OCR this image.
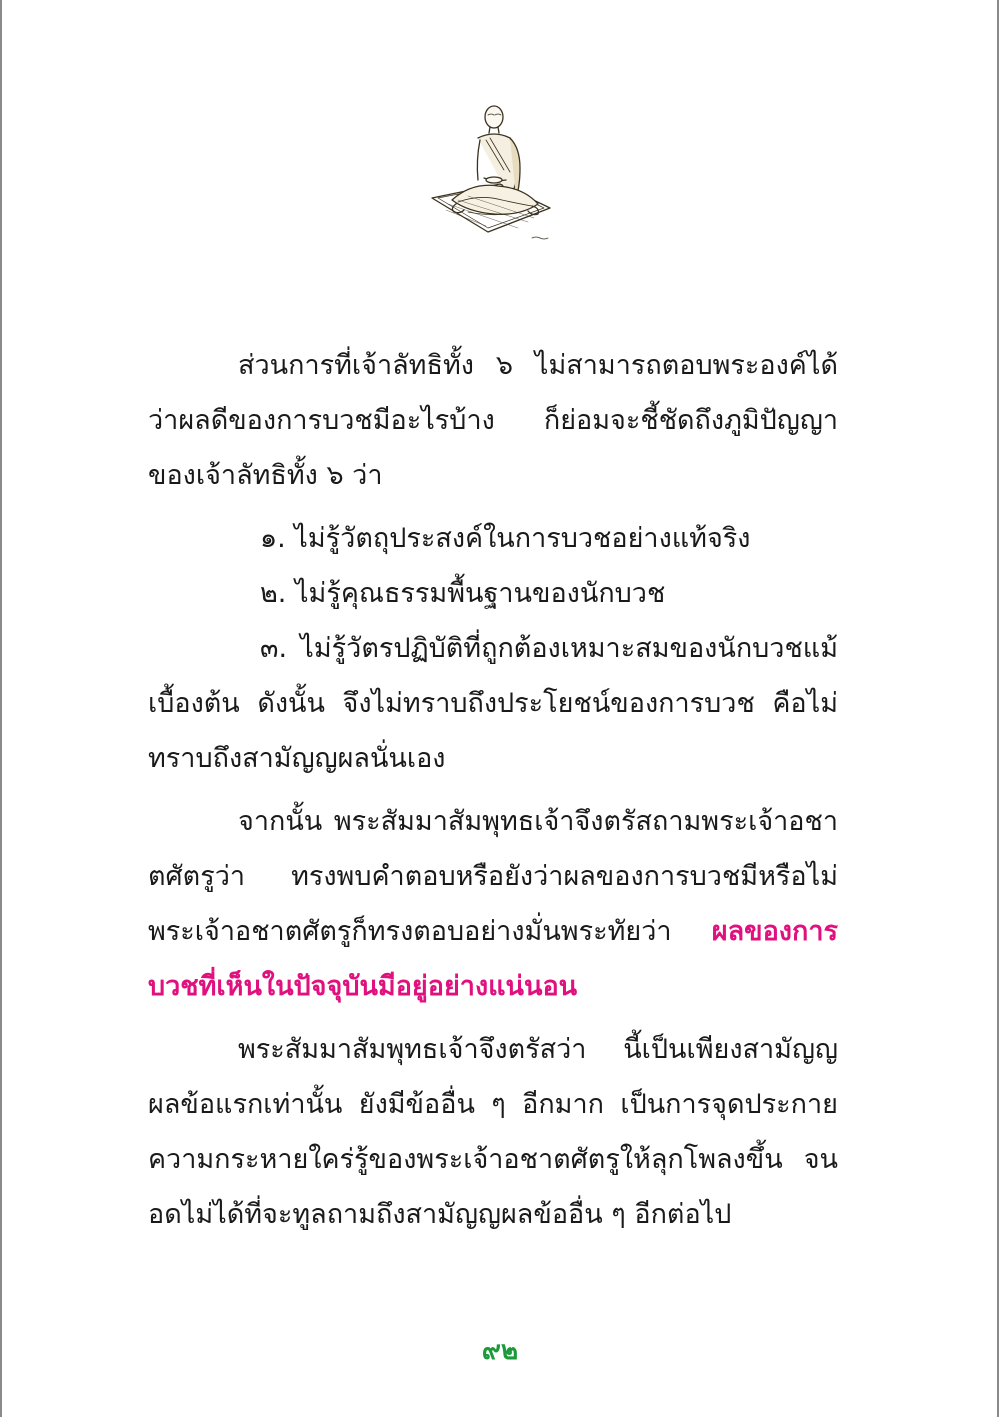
ส่วนการที่เจ้าลัทธิทั้ง ๖ ไม่สามารถตอบพระองค์ได้ว่าผลดีของการบวชมีอะไรบ้าง ก็ย่อมจะชี้ชัดถึงภูมิปัญญาของเจ้าลัทธิทั้ง ๖ ว่า

๑. ไม่รู้วัตถุประสงค์ในการบวชอย่างแท้จริง
๒. ไม่รู้คุณธรรมพื้นฐานของนักบวช

๓. ไม่รู้วัตรปฏิบัติที่ถูกต้องเหมาะสมของนักบวชแม้เบื้องต้น ดังนั้น จึงไม่ทราบถึงประโยชน์ของการบวช คือไม่ทราบถึงสามัญญผลนั่นเอง

จากนั้น พระสัมมาสัมพุทธเจ้าจึงตรัสถามพระเจ้าอชาตศัตรูว่า ทรงพบคำตอบหรือยังว่าผลของการบวชมีหรือไม่ พระเจ้าอชาตศัตรูก็ทรงตอบอย่างมั่นพระทัยว่า ผลของการบวชที่เห็นในปัจจุบันมีอยู่อย่างแน่นอน

พระสัมมาสัมพุทธเจ้าจึงตรัสว่า นี้เป็นเพียงสามัญญผลข้อแรกเท่านั้น ยังมีข้ออื่น ๆ อีกมาก เป็นการจุดประกายความกระหายใคร่รู้ของพระเจ้าอชาตศัตรูให้ลุกโพลงขึ้น จนอดไม่ได้ที่จะทูลถามถึงสามัญญผลข้ออื่น ๆ อีกต่อไป

๙๒
